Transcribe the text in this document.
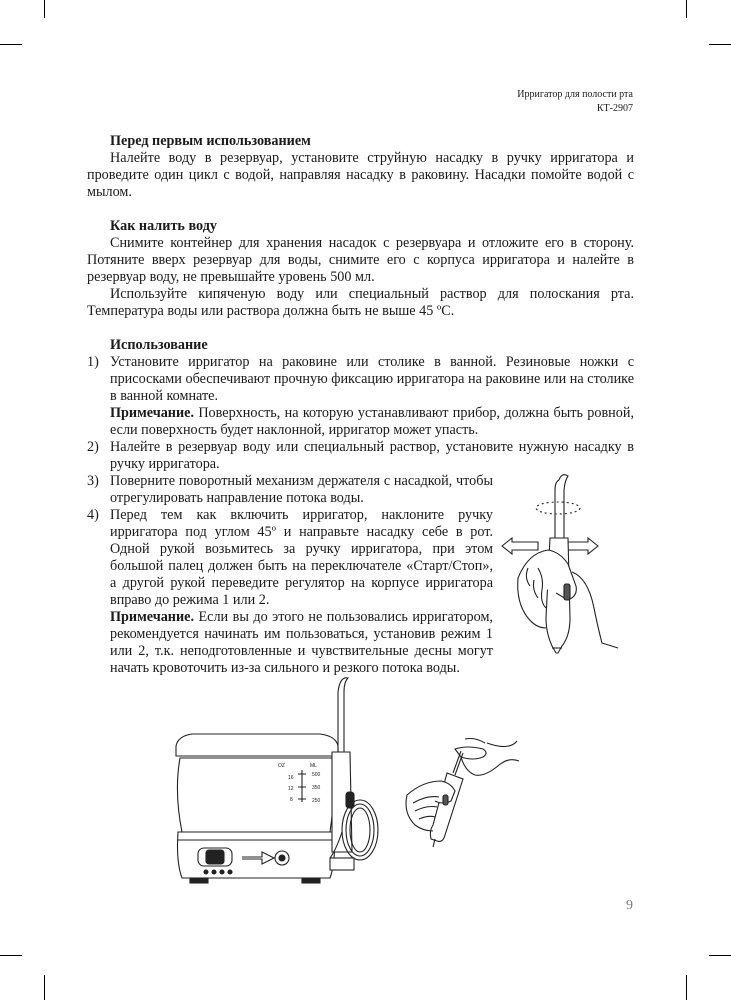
Ирригатор для полости рта
КТ-2907
Перед первым использованием

Налейте воду в резервуар, установите струйную насадку в ручку ирригатора и проведите один цикл с водой, направляя насадку в раковину. Насадки помойте водой с мылом.

Как налить воду

Снимите контейнер для хранения насадок с резервуара и отложите его в сторону. Потяните вверх резервуар для воды, снимите его с корпуса ирригатора и налейте в резервуар воду, не превышайте уровень 500 мл.

Используйте кипяченую воду или специальный раствор для полоскания рта. Температура воды или раствора должна быть не выше 45 ºС.

Использование
1) Установите ирригатор на раковине или столике в ванной. Резиновые ножки с присосками обеспечивают прочную фиксацию ирригатора на раковине или на столике в ванной комнате.
Примечание. Поверхность, на которую устанавливают прибор, должна быть ровной, если поверхность будет наклонной, ирригатор может упасть.
2) Налейте в резервуар воду или специальный раствор, установите нужную насадку в ручку ирригатора.
3) Поверните поворотный механизм держателя с насадкой, чтобы отрегулировать направление потока воды.
4) Перед тем как включить ирригатор, наклоните ручку ирригатора под углом 45º и направьте насадку себе в рот. Одной рукой возьмитесь за ручку ирригатора, при этом большой палец должен быть на переключателе «Старт/Стоп», а другой рукой переведите регулятор на корпусе ирригатора вправо до режима 1 или 2.
Примечание. Если вы до этого не пользовались ирригатором, рекомендуется начинать им пользоваться, установив режим 1 или 2, т.к. неподготовленные и чувствительные десны могут начать кровоточить из-за сильного и резкого потока воды.
OZ	ML
16
12
8
500
350
250
9
